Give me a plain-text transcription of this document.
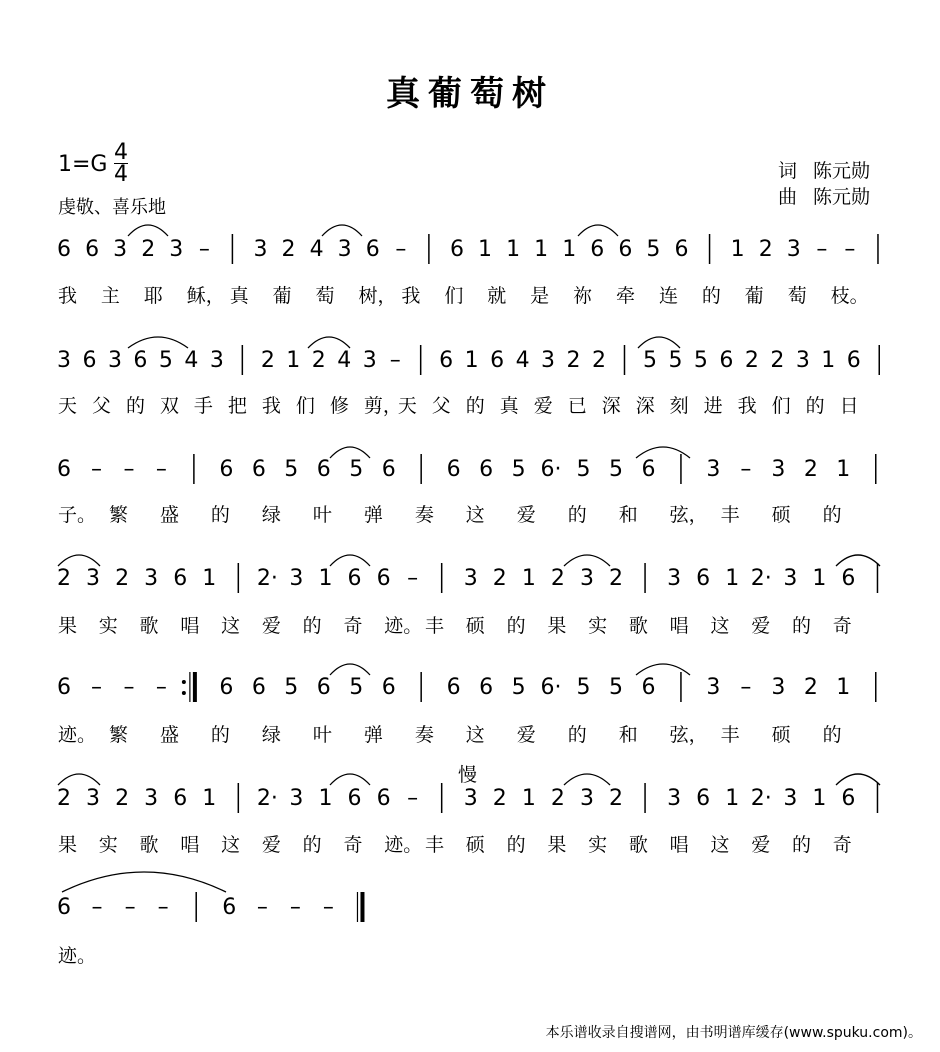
真葡萄树
1=G 4
4
虔敬、喜乐地
词 陈元勋
曲 陈元勋
6 6 3 2 3 – 3 2 4 3 6 – 6 1 1 1 1 6 6 5 6 1 2 3 – –
我 主 耶 稣， 真 葡 萄 树， 我 们 就 是 祢 牵 连 的 葡 萄 枝。
3 6 3 6 5 4 3 2 1 2 4 3 – 6 1 6 4 3 2 2 5 5 5 6 2 2 3 1 6
天 父 的 双 手 把 我 们 修 剪，
天 父 的 真 爱 已 深 深 刻 进 我 们 的 日
6 – – – 6 6 5 6 5 6 6 6 5 6· 5 5 6 3 – 3 2 1
子。 繁 盛 的 绿 叶 弹 奏 这 爱 的 和 弦， 丰 硕 的
2 3 2 3 6 1 2· 3 1 6 6 – 3 2 1 2 3 2 3 6 1 2· 3 1 6
果 实 歌 唱 这 爱 的 奇 迹。 丰 硕 的 果 实 歌 唱 这 爱 的 奇
6 – – – 6 6 5 6 5 6 6 6 5 6· 5 5 6 3 – 3 2 1
迹。 繁 盛 的 绿 叶 弹 奏 这 爱 的 和 弦， 丰 硕 的
2 3 2 3 6 1 2· 3 1 6 6 – 3 2 1 2 3 2 3 6 1 2· 3 1 6
果 实 歌 唱 这 爱 的 奇 迹。 丰 硕 的 果 实 歌 唱 这 爱 的 奇
6 – – – 6 – – –
迹。
慢
本乐谱收录自搜谱网，由书明谱库缓存(www.spuku.com)。
